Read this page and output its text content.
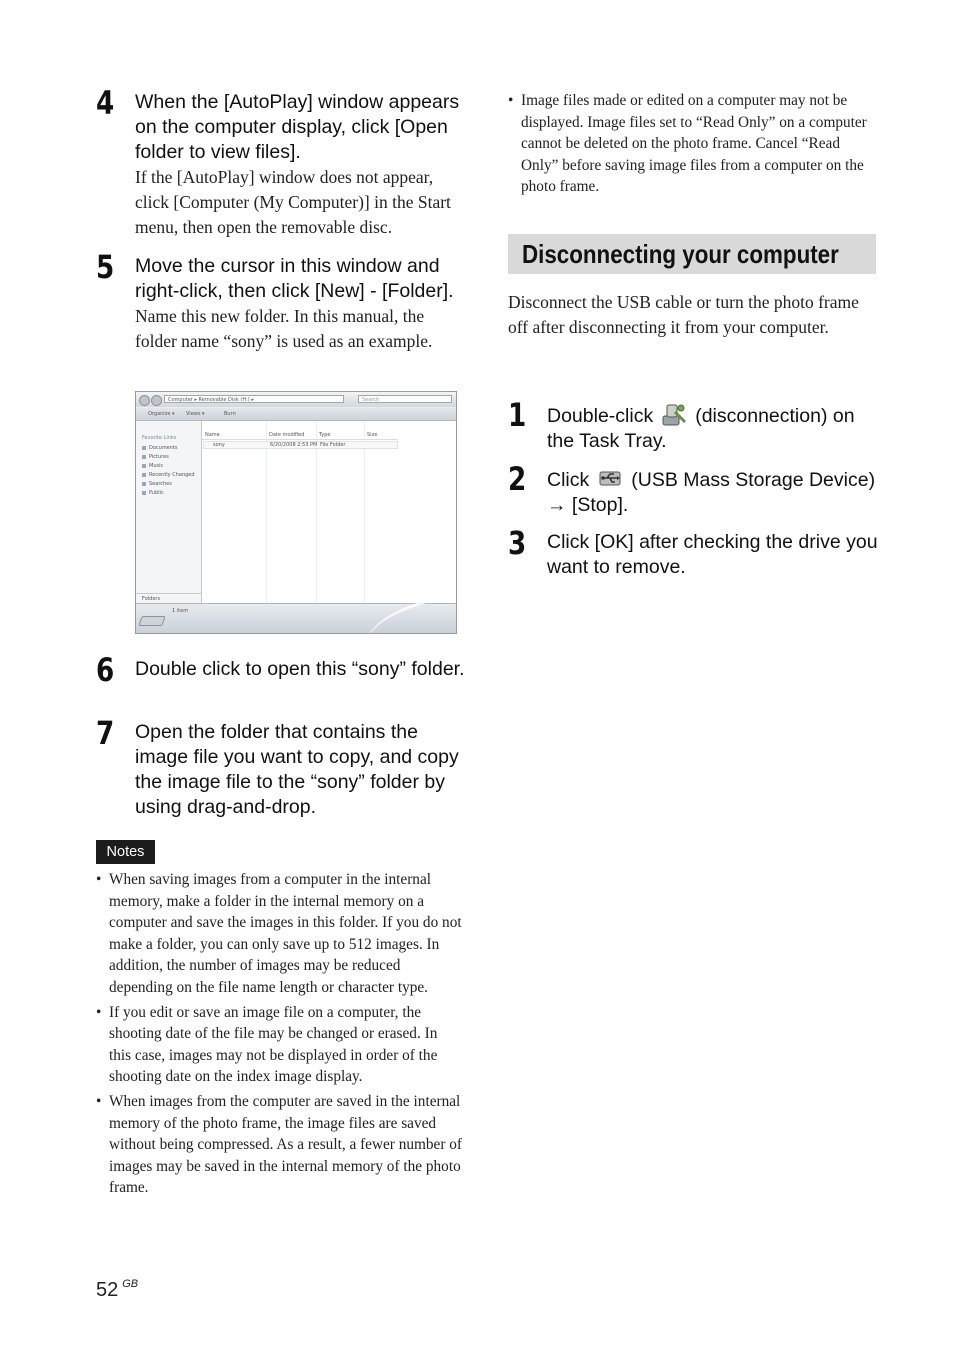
4 When the [AutoPlay] window appears on the computer display, click [Open folder to view files].
If the [AutoPlay] window does not appear, click [Computer (My Computer)] in the Start menu, then open the removable disc.
5 Move the cursor in this window and right-click, then click [New] - [Folder].
Name this new folder. In this manual, the folder name “sony” is used as an example.
Computer ▸ Removable Disk (H:) ▸	Search
Organize ▾ Views ▾	Burn
Favorite Links
Documents
Pictures
Music
Recently Changed
Searches
Public
Folders
Name	Date modified	Type	Size
sony	6/20/2008 2:53 PM File Folder
1 item
6 Double click to open this “sony” folder.
7 Open the folder that contains the image file you want to copy, and copy the image file to the “sony” folder by using drag-and-drop.
Notes
• When saving images from a computer in the internal memory, make a folder in the internal memory on a computer and save the images in this folder. If you do not make a folder, you can only save up to 512 images. In addition, the number of images may be reduced depending on the file name length or character type.
• If you edit or save an image file on a computer, the shooting date of the file may be changed or erased. In this case, images may not be displayed in order of the shooting date on the index image display.
• When images from the computer are saved in the internal memory of the photo frame, the image files are saved without being compressed. As a result, a fewer number of images may be saved in the internal memory of the photo frame.
• Image files made or edited on a computer may not be displayed. Image files set to “Read Only” on a computer cannot be deleted on the photo frame. Cancel “Read Only” before saving image files from a computer on the photo frame.
Disconnecting your computer
Disconnect the USB cable or turn the photo frame off after disconnecting it from your computer.
1 Double-click (disconnection) on the Task Tray.
2 Click (USB Mass Storage Device) → [Stop].
3 Click [OK] after checking the drive you want to remove.
52 $^{GB}$
